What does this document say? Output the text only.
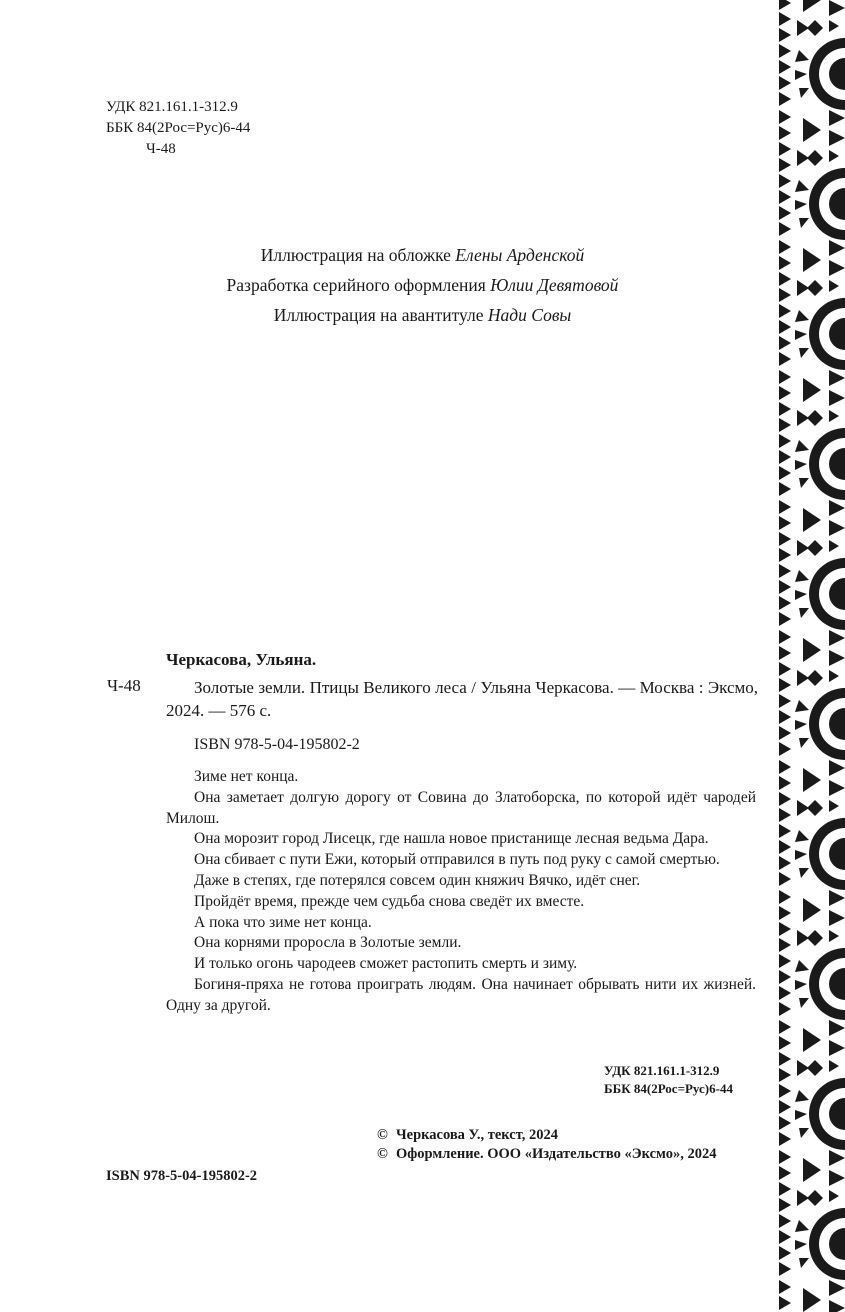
УДК 821.161.1-312.9
ББК 84(2Рос=Рус)6-44
Ч-48
Иллюстрация на обложке Елены Арденской
Разработка серийного оформления Юлии Девятовой
Иллюстрация на авантитуле Нади Совы
Черкасова, Ульяна.
Ч-48	Золотые земли. Птицы Великого леса / Ульяна Черкасова. — Москва : Эксмо, 2024. — 576 с.
ISBN 978-5-04-195802-2

Зиме нет конца.

Она заметает долгую дорогу от Совина до Златоборска, по которой идёт чародей Милош.

Она морозит город Лисецк, где нашла новое пристанище лесная ведьма Дара.

Она сбивает с пути Ежи, который отправился в путь под руку с самой смертью.

Даже в степях, где потерялся совсем один княжич Вячко, идёт снег.

Пройдёт время, прежде чем судьба снова сведёт их вместе.

А пока что зиме нет конца.

Она корнями проросла в Золотые земли.

И только огонь чародеев сможет растопить смерть и зиму.

Богиня-пряха не готова проиграть людям. Она начинает обрывать нити их жизней. Одну за другой.

УДК 821.161.1-312.9
ББК 84(2Рос=Рус)6-44
© Черкасова У., текст, 2024
© Оформление. ООО «Издательство «Эксмо», 2024
ISBN 978-5-04-195802-2
